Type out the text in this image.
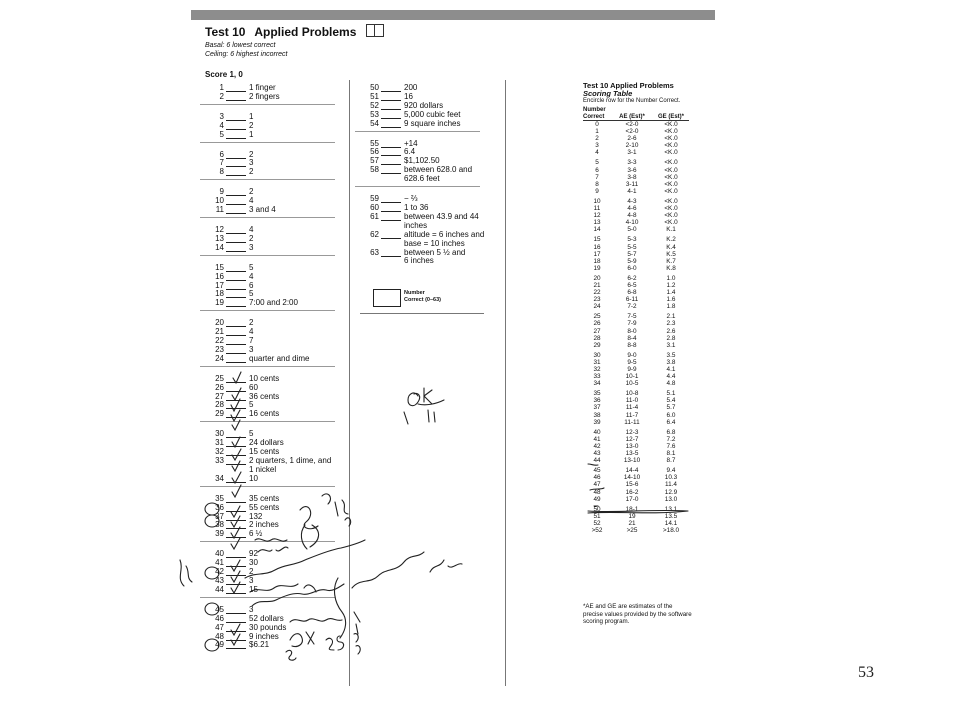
Test 10 Applied Problems
Basal: 6 lowest correct
Ceiling: 6 highest incorrect
Score 1, 0
1	1 finger
2	2 fingers
3	1
4	2
5	1
6	2
7	3
8	2
9	2
10	4
11	3 and 4
12	4
13	2
14	3
15	5
16	4
17	6
18	5
19	7:00 and 2:00
20	2
21	4
22	7
23	3
24	quarter and dime
25	10 cents
26	60
27	36 cents
28	5
29	16 cents
30	5
31	24 dollars
32	15 cents
33	2 quarters, 1 dime, and
1 nickel
34	10
35	35 cents
36	55 cents
37	132
38	2 inches
39	6 ½
40	92
41	30
42	2
43	3
44	15
45	3
46	52 dollars
47	30 pounds
48	9 inches
49	$6.21
50	200
51	16
52	920 dollars
53	5,000 cubic feet
54	9 square inches
55	+14
56	6.4
57	$1,102.50
58	between 628.0 and
628.6 feet
59	− ⅔
60	1 to 36
61	between 43.9 and 44
inches
62	altitude = 6 inches and
base = 10 inches
63	between 5 ½ and
6 inches
Number
Correct (0–63)
Test 10 Applied Problems
Scoring Table
Encircle row for the Number Correct.
Number Correct	AE (Est)*	GE (Est)*
0	<2-0	<K.0
1	<2-0	<K.0
2	2-6	<K.0
3	2-10	<K.0
4	3-1	<K.0

5	3-3	<K.0
6	3-6	<K.0
7	3-8	<K.0
8	3-11	<K.0
9	4-1	<K.0

10	4-3	<K.0
11	4-6	<K.0
12	4-8	<K.0
13	4-10	<K.0
14	5-0	K.1

15	5-3	K.2
16	5-5	K.4
17	5-7	K.5
18	5-9	K.7
19	6-0	K.8

20	6-2	1.0
21	6-5	1.2
22	6-8	1.4
23	6-11	1.6
24	7-2	1.8

25	7-5	2.1
26	7-9	2.3
27	8-0	2.6
28	8-4	2.8
29	8-8	3.1

30	9-0	3.5
31	9-5	3.8
32	9-9	4.1
33	10-1	4.4
34	10-5	4.8

35	10-8	5.1
36	11-0	5.4
37	11-4	5.7
38	11-7	6.0
39	11-11	6.4

40	12-3	6.8
41	12-7	7.2
42	13-0	7.6
43	13-5	8.1
44	13-10	8.7

45	14-4	9.4
46	14-10	10.3
47	15-6	11.4
48	16-2	12.9
49	17-0	13.0

50	18-1	13.1
51	19	13.5
52	21	14.1
>52	>25	>18.0
*AE and GE are estimates of the precise values provided by the software scoring program.
53
